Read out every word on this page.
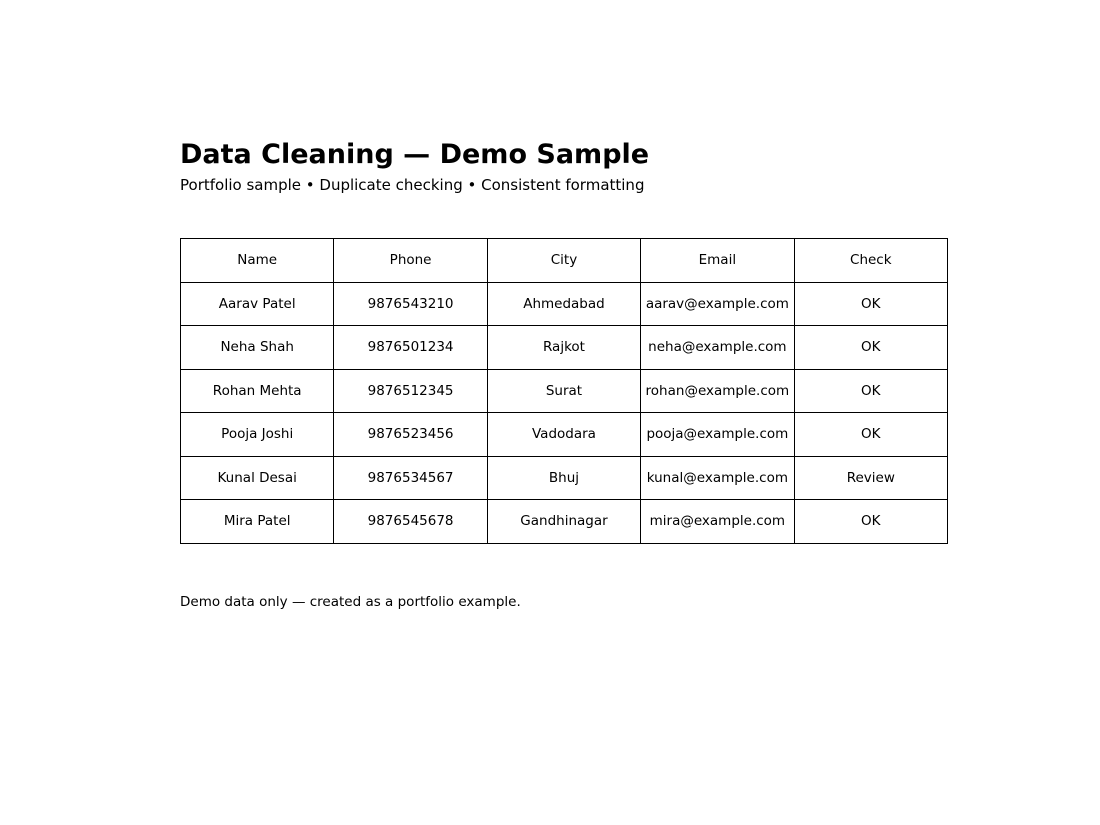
Data Cleaning — Demo Sample

Portfolio sample • Duplicate checking • Consistent formatting

Name	Phone	City	Email	Check
Aarav Patel	9876543210	Ahmedabad	aarav@example.com	OK
Neha Shah	9876501234	Rajkot	neha@example.com	OK
Rohan Mehta	9876512345	Surat	rohan@example.com	OK
Pooja Joshi	9876523456	Vadodara	pooja@example.com	OK
Kunal Desai	9876534567	Bhuj	kunal@example.com	Review
Mira Patel	9876545678	Gandhinagar	mira@example.com	OK

Demo data only — created as a portfolio example.
